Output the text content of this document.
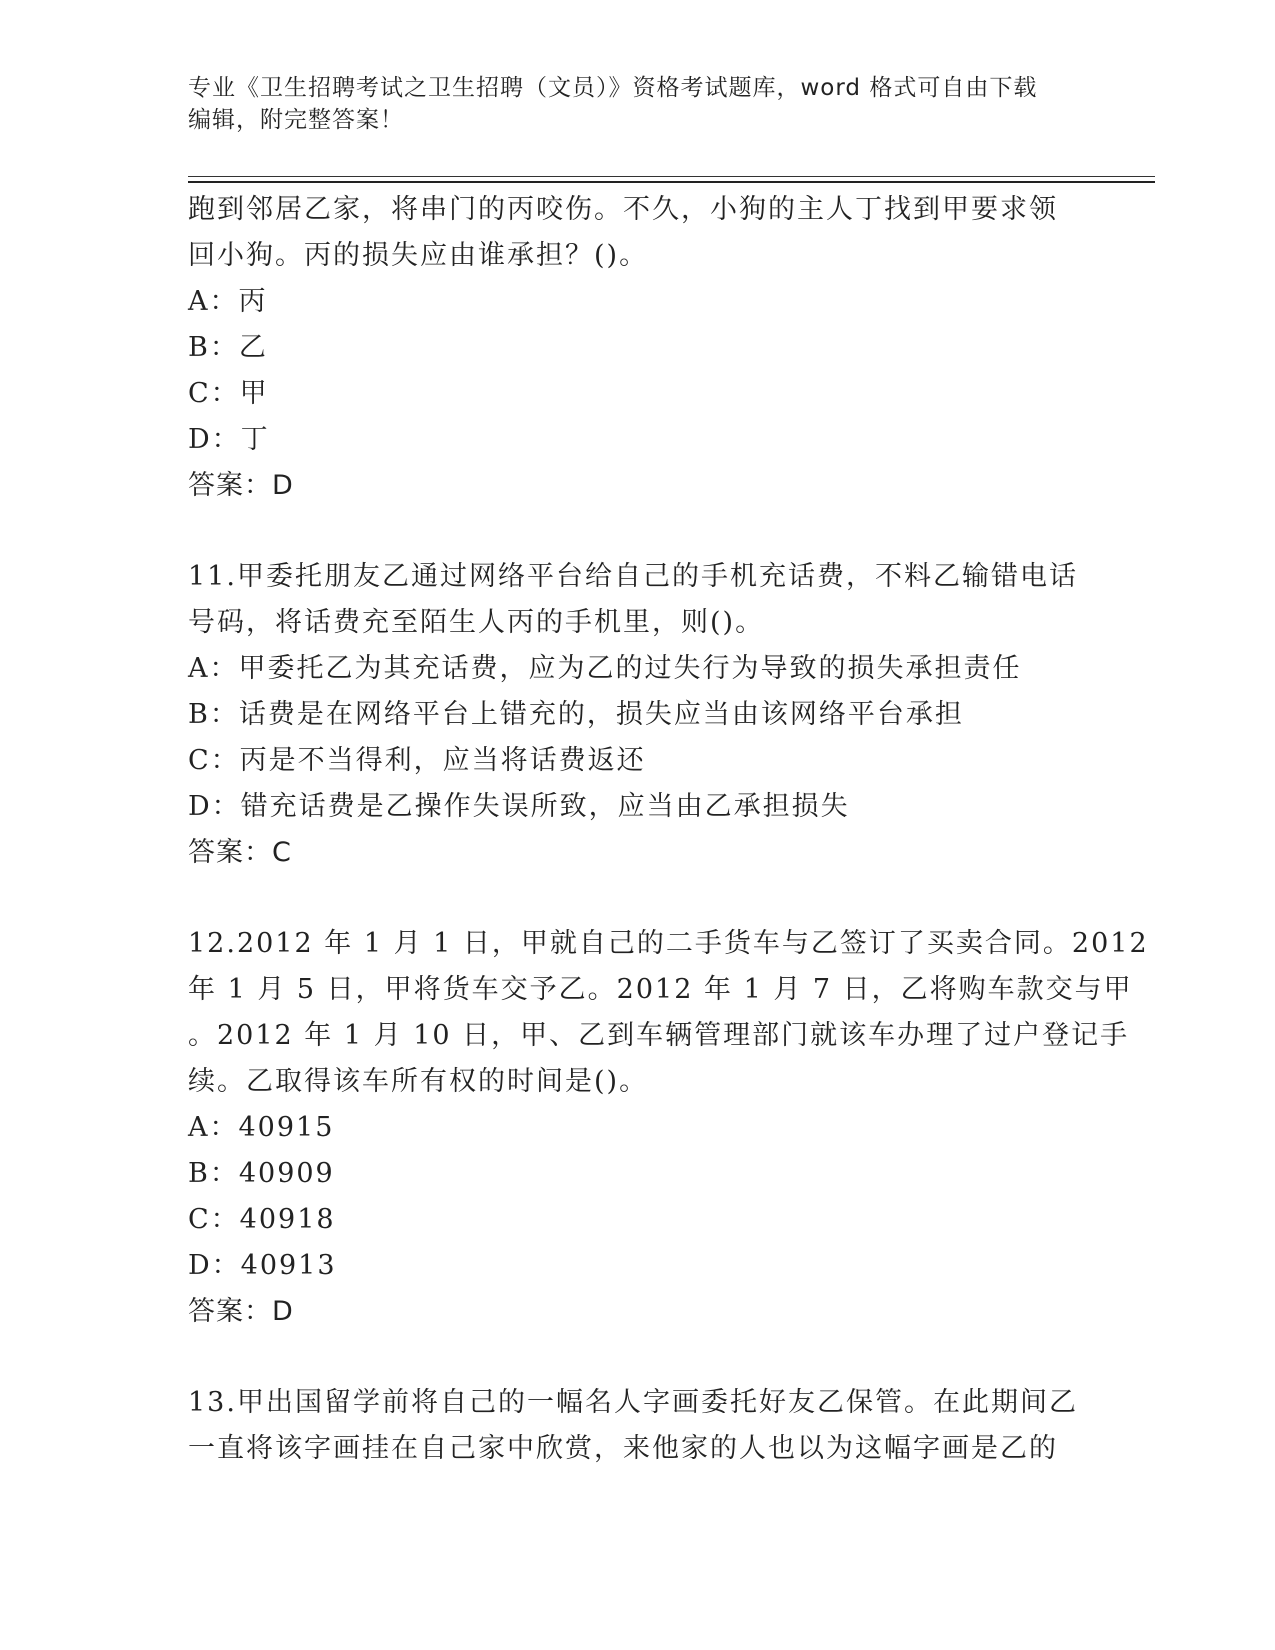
专业《卫生招聘考试之卫生招聘（文员）》资格考试题库，word 格式可自由下载
编辑，附完整答案！
跑到邻居乙家，将串门的丙咬伤。不久，小狗的主人丁找到甲要求领
回小狗。丙的损失应由谁承担？()。
A：丙
B：乙
C：甲
D：丁
答案：D
11.甲委托朋友乙通过网络平台给自己的手机充话费，不料乙输错电话
号码，将话费充至陌生人丙的手机里，则()。
A：甲委托乙为其充话费，应为乙的过失行为导致的损失承担责任
B：话费是在网络平台上错充的，损失应当由该网络平台承担
C：丙是不当得利，应当将话费返还
D：错充话费是乙操作失误所致，应当由乙承担损失
答案：C
12.2012 年 1 月 1 日，甲就自己的二手货车与乙签订了买卖合同。2012
年 1 月 5 日，甲将货车交予乙。2012 年 1 月 7 日，乙将购车款交与甲
。2012 年 1 月 10 日，甲、乙到车辆管理部门就该车办理了过户登记手
续。乙取得该车所有权的时间是()。
A：40915
B：40909
C：40918
D：40913
答案：D
13.甲出国留学前将自己的一幅名人字画委托好友乙保管。在此期间乙
一直将该字画挂在自己家中欣赏，来他家的人也以为这幅字画是乙的
